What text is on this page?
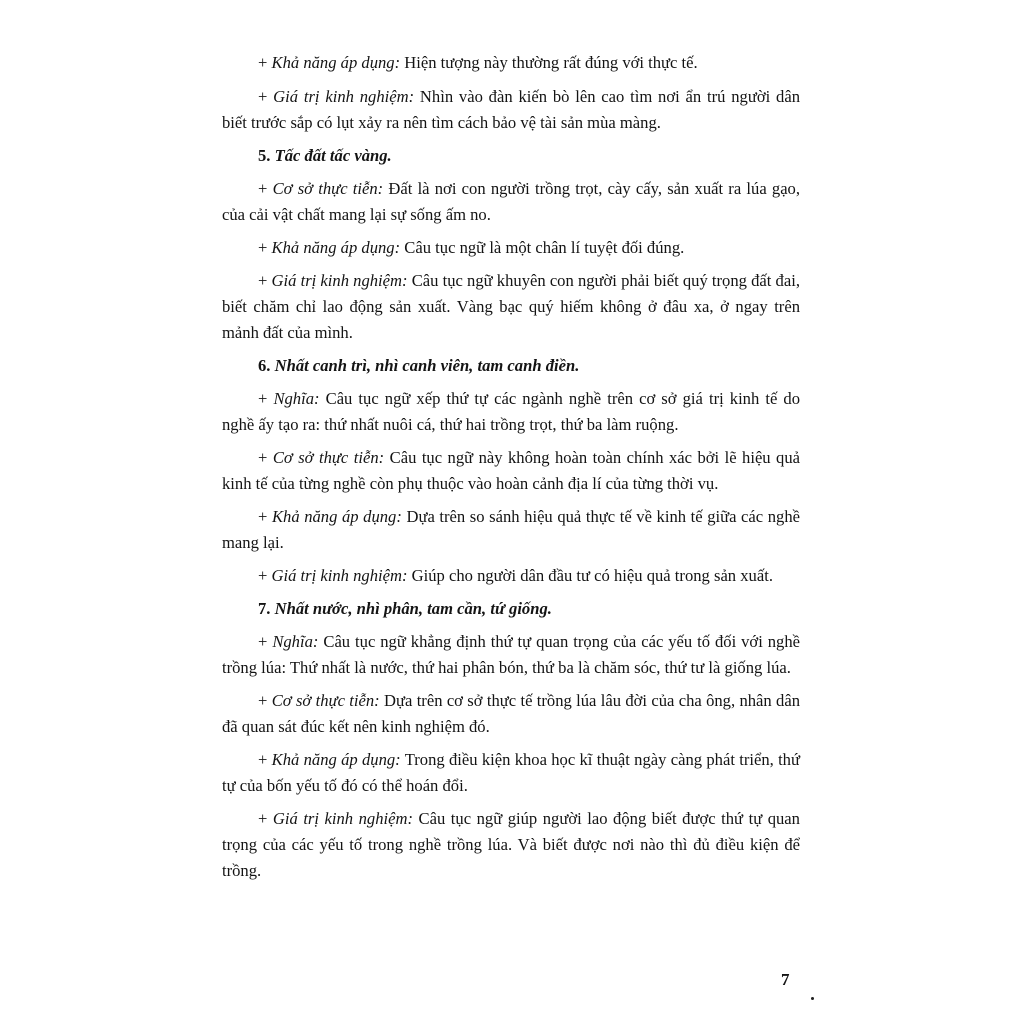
+ Khả năng áp dụng: Hiện tượng này thường rất đúng với thực tế.

+ Giá trị kinh nghiệm: Nhìn vào đàn kiến bò lên cao tìm nơi ẩn trú người dân biết trước sắp có lụt xảy ra nên tìm cách bảo vệ tài sản mùa màng.

5. Tấc đất tấc vàng.

+ Cơ sở thực tiễn: Đất là nơi con người trồng trọt, cày cấy, sản xuất ra lúa gạo, của cải vật chất mang lại sự sống ấm no.

+ Khả năng áp dụng: Câu tục ngữ là một chân lí tuyệt đối đúng.

+ Giá trị kinh nghiệm: Câu tục ngữ khuyên con người phải biết quý trọng đất đai, biết chăm chỉ lao động sản xuất. Vàng bạc quý hiếm không ở đâu xa, ở ngay trên mảnh đất của mình.

6. Nhất canh trì, nhì canh viên, tam canh điền.

+ Nghĩa: Câu tục ngữ xếp thứ tự các ngành nghề trên cơ sở giá trị kinh tế do nghề ấy tạo ra: thứ nhất nuôi cá, thứ hai trồng trọt, thứ ba làm ruộng.

+ Cơ sở thực tiễn: Câu tục ngữ này không hoàn toàn chính xác bởi lẽ hiệu quả kinh tế của từng nghề còn phụ thuộc vào hoàn cảnh địa lí của từng thời vụ.

+ Khả năng áp dụng: Dựa trên so sánh hiệu quả thực tế về kinh tế giữa các nghề mang lại.

+ Giá trị kinh nghiệm: Giúp cho người dân đầu tư có hiệu quả trong sản xuất.

7. Nhất nước, nhì phân, tam cần, tứ giống.

+ Nghĩa: Câu tục ngữ khẳng định thứ tự quan trọng của các yếu tố đối với nghề trồng lúa: Thứ nhất là nước, thứ hai phân bón, thứ ba là chăm sóc, thứ tư là giống lúa.

+ Cơ sở thực tiễn: Dựa trên cơ sở thực tế trồng lúa lâu đời của cha ông, nhân dân đã quan sát đúc kết nên kinh nghiệm đó.

+ Khả năng áp dụng: Trong điều kiện khoa học kĩ thuật ngày càng phát triển, thứ tự của bốn yếu tố đó có thể hoán đổi.

+ Giá trị kinh nghiệm: Câu tục ngữ giúp người lao động biết được thứ tự quan trọng của các yếu tố trong nghề trồng lúa. Và biết được nơi nào thì đủ điều kiện để trồng.

7
